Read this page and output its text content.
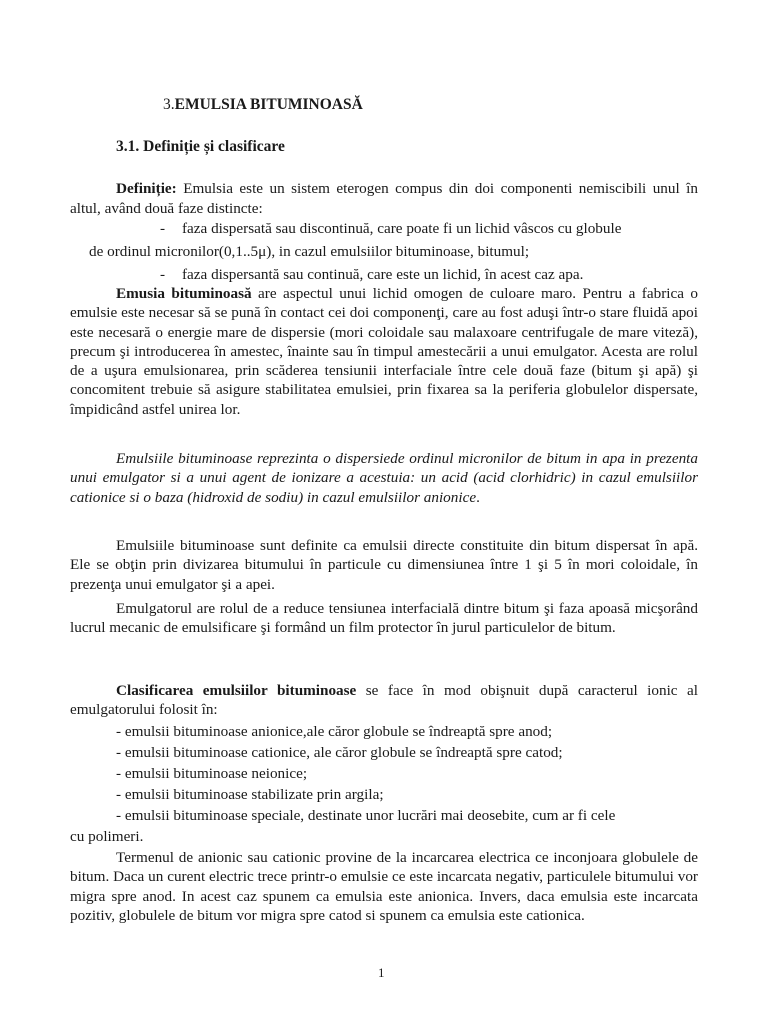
3.EMULSIA BITUMINOASĂ
3.1. Definiție și clasificare

Definiție: Emulsia este un sistem eterogen compus din doi componenti nemiscibili unul în altul, având două faze distincte:

- faza dispersată sau discontinuă, care poate fi un lichid vâscos cu globule

de ordinul micronilor(0,1..5μ), in cazul emulsiilor bituminoase, bitumul;

- faza dispersantă sau continuă, care este un lichid, în acest caz apa.

Emusia bituminoasă are aspectul unui lichid omogen de culoare maro. Pentru a fabrica o emulsie este necesar să se pună în contact cei doi componenţi, care au fost aduşi într-o stare fluidă apoi este necesară o energie mare de dispersie (mori coloidale sau malaxoare centrifugale de mare viteză), precum şi introducerea în amestec, înainte sau în timpul amestecării a unui emulgator. Acesta are rolul de a uşura emulsionarea, prin scăderea tensiunii interfaciale între cele două faze (bitum şi apă) şi concomitent trebuie să asigure stabilitatea emulsiei, prin fixarea sa la periferia globulelor dispersate, împidicând astfel unirea lor.

Emulsiile bituminoase reprezinta o dispersiede ordinul micronilor de bitum in apa in prezenta unui emulgator si a unui agent de ionizare a acestuia: un acid (acid clorhidric) in cazul emulsiilor cationice si o baza (hidroxid de sodiu) in cazul emulsiilor anionice.

Emulsiile bituminoase sunt definite ca emulsii directe constituite din bitum dispersat în apă. Ele se obţin prin divizarea bitumului în particule cu dimensiunea între 1 şi 5 în mori coloidale, în prezenţa unui emulgator şi a apei.

Emulgatorul are rolul de a reduce tensiunea interfacială dintre bitum şi faza apoasă micşorând lucrul mecanic de emulsificare şi formând un film protector în jurul particulelor de bitum.

Clasificarea emulsiilor bituminoase se face în mod obişnuit după caracterul ionic al emulgatorului folosit în:

- emulsii bituminoase anionice,ale căror globule se îndreaptă spre anod;

- emulsii bituminoase cationice, ale căror globule se îndreaptă spre catod;

- emulsii bituminoase neionice;

- emulsii bituminoase stabilizate prin argila;

- emulsii bituminoase speciale, destinate unor lucrări mai deosebite, cum ar fi cele

cu polimeri.

Termenul de anionic sau cationic provine de la incarcarea electrica ce inconjoara globulele de bitum. Daca un curent electric trece printr-o emulsie ce este incarcata negativ, particulele bitumului vor migra spre anod. In acest caz spunem ca emulsia este anionica. Invers, daca emulsia este incarcata pozitiv, globulele de bitum vor migra spre catod si spunem ca emulsia este cationica.

1
